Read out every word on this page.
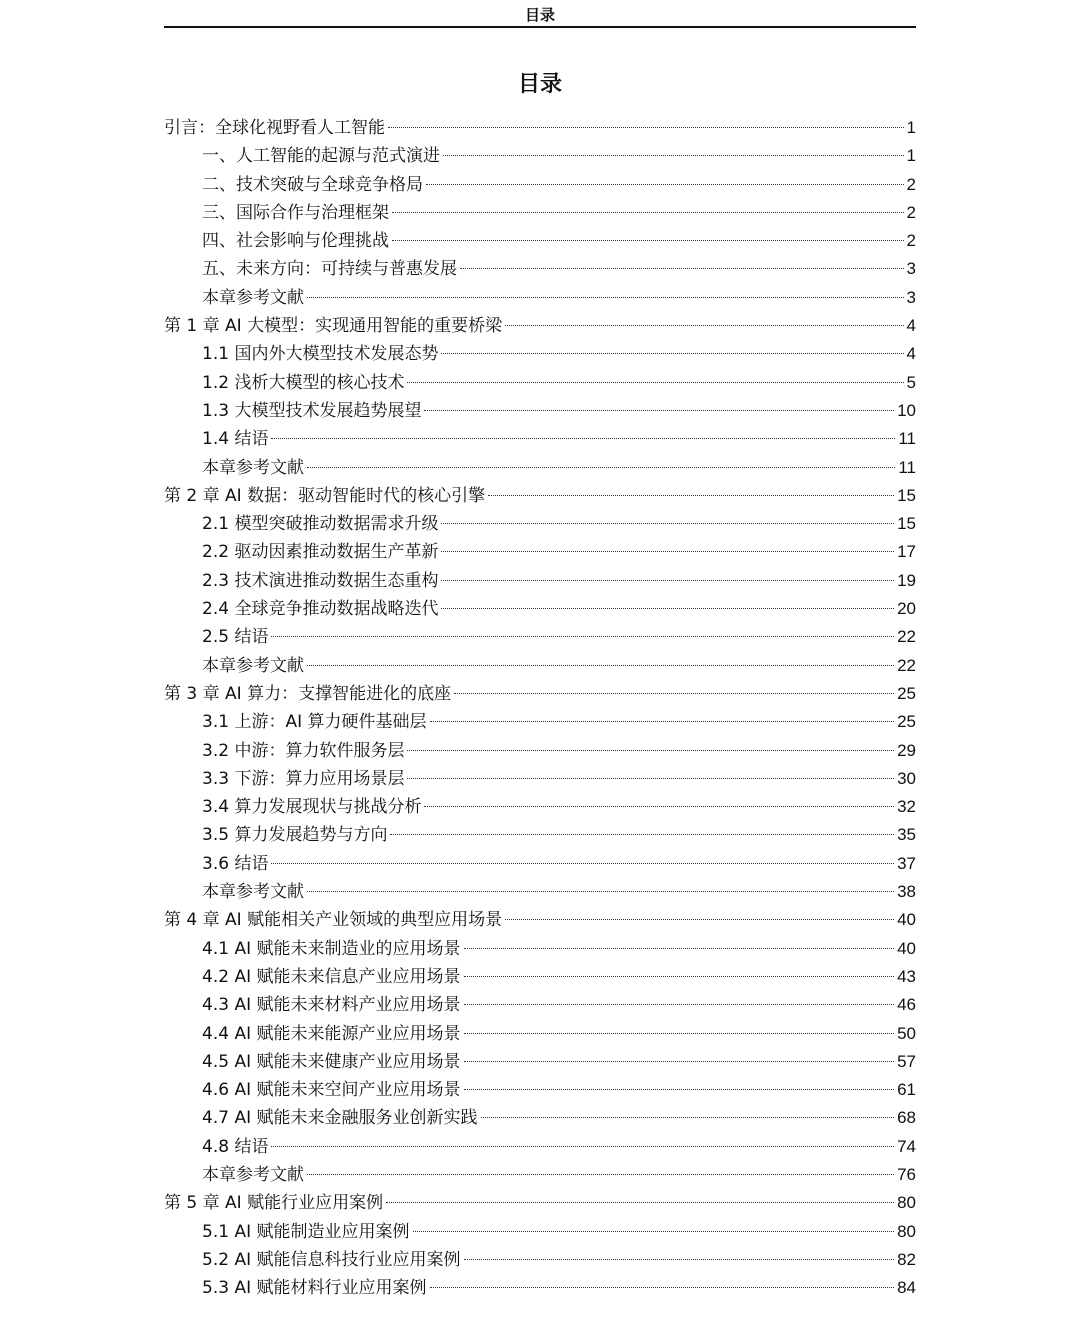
目录
目录
引言：全球化视野看人工智能	1
一、人工智能的起源与范式演进	1
二、技术突破与全球竞争格局	2
三、国际合作与治理框架	2
四、社会影响与伦理挑战	2
五、未来方向：可持续与普惠发展	3
本章参考文献	3
第 1 章 AI 大模型：实现通用智能的重要桥梁	4
1.1 国内外大模型技术发展态势	4
1.2 浅析大模型的核心技术	5
1.3 大模型技术发展趋势展望	10
1.4 结语	11
本章参考文献	11
第 2 章 AI 数据：驱动智能时代的核心引擎	15
2.1 模型突破推动数据需求升级	15
2.2 驱动因素推动数据生产革新	17
2.3 技术演进推动数据生态重构	19
2.4 全球竞争推动数据战略迭代	20
2.5 结语	22
本章参考文献	22
第 3 章 AI 算力：支撑智能进化的底座	25
3.1 上游：AI 算力硬件基础层	25
3.2 中游：算力软件服务层	29
3.3 下游：算力应用场景层	30
3.4 算力发展现状与挑战分析	32
3.5 算力发展趋势与方向	35
3.6 结语	37
本章参考文献	38
第 4 章 AI 赋能相关产业领域的典型应用场景	40
4.1 AI 赋能未来制造业的应用场景	40
4.2 AI 赋能未来信息产业应用场景	43
4.3 AI 赋能未来材料产业应用场景	46
4.4 AI 赋能未来能源产业应用场景	50
4.5 AI 赋能未来健康产业应用场景	57
4.6 AI 赋能未来空间产业应用场景	61
4.7 AI 赋能未来金融服务业创新实践	68
4.8 结语	74
本章参考文献	76
第 5 章 AI 赋能行业应用案例	80
5.1 AI 赋能制造业应用案例	80
5.2 AI 赋能信息科技行业应用案例	82
5.3 AI 赋能材料行业应用案例	84
